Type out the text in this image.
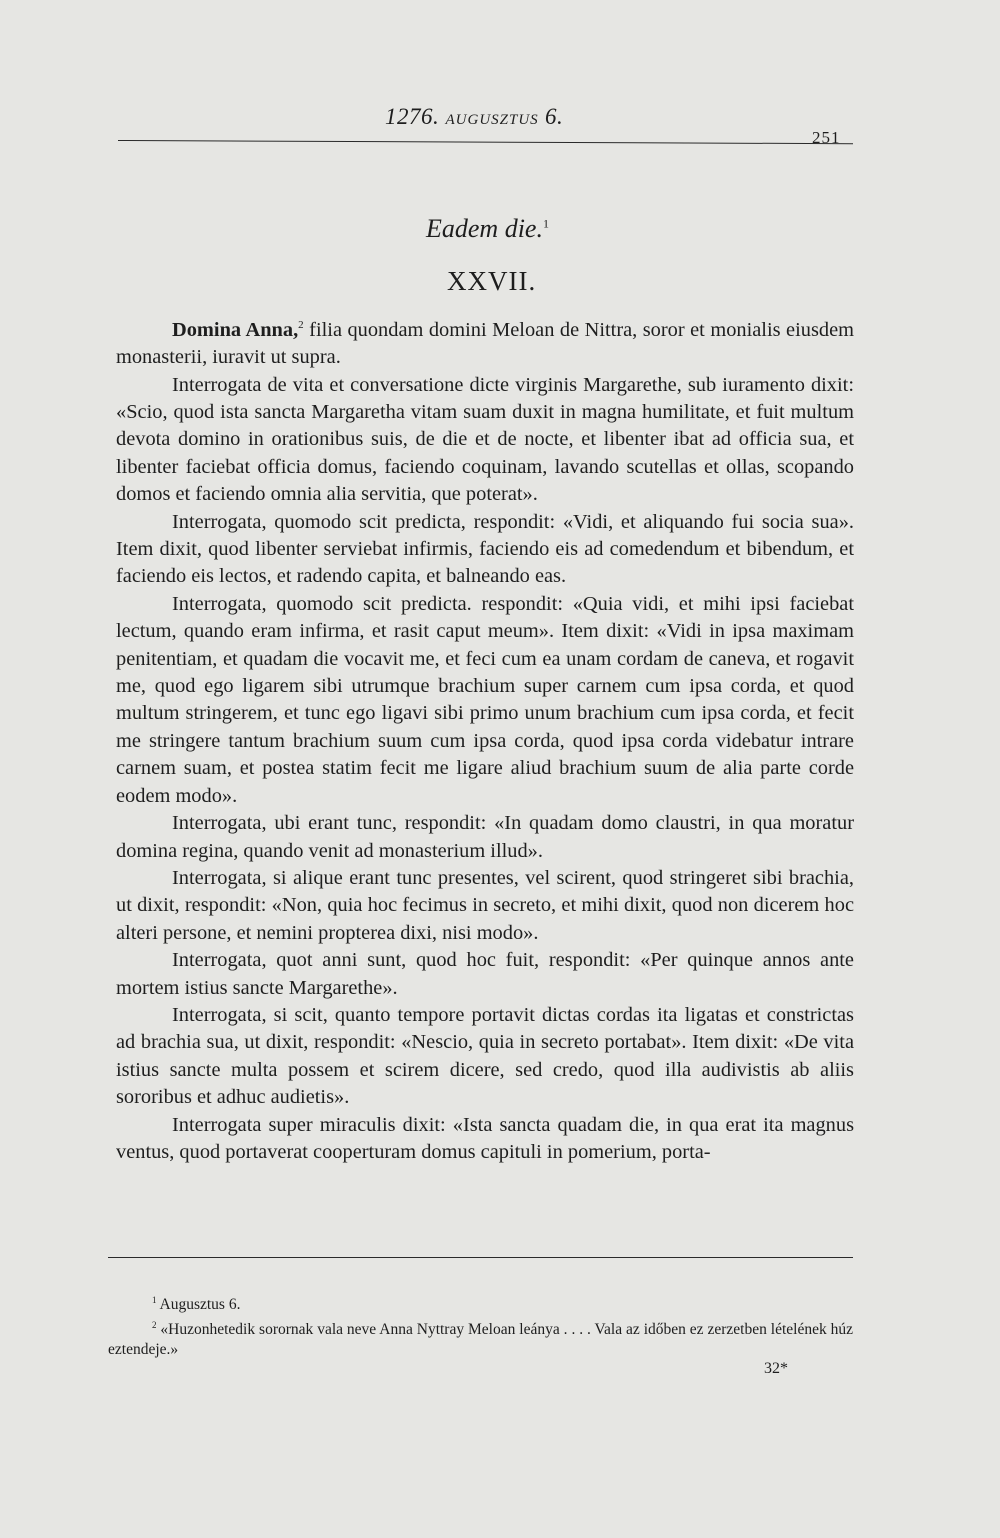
1276. AUGUSZTUS 6.
251
Eadem die.$^1$
XXVII.

Domina Anna,$^2$ filia quondam domini Meloan de Nittra, soror et monialis eiusdem monasterii, iuravit ut supra.

Interrogata de vita et conversatione dicte virginis Margarethe, sub iuramento dixit: «Scio, quod ista sancta Margaretha vitam suam duxit in magna humilitate, et fuit multum devota domino in orationibus suis, de die et de nocte, et libenter ibat ad officia sua, et libenter faciebat officia domus, faciendo coquinam, lavando scutellas et ollas, scopando domos et faciendo omnia alia servitia, que poterat».

Interrogata, quomodo scit predicta, respondit: «Vidi, et aliquando fui socia sua». Item dixit, quod libenter serviebat infirmis, faciendo eis ad comedendum et bibendum, et faciendo eis lectos, et radendo capita, et balneando eas.

Interrogata, quomodo scit predicta. respondit: «Quia vidi, et mihi ipsi faciebat lectum, quando eram infirma, et rasit caput meum». Item dixit: «Vidi in ipsa maximam penitentiam, et quadam die vocavit me, et feci cum ea unam cordam de caneva, et rogavit me, quod ego ligarem sibi utrumque brachium super carnem cum ipsa corda, et quod multum stringerem, et tunc ego ligavi sibi primo unum brachium cum ipsa corda, et fecit me stringere tantum brachium suum cum ipsa corda, quod ipsa corda videbatur intrare carnem suam, et postea statim fecit me ligare aliud brachium suum de alia parte corde eodem modo».

Interrogata, ubi erant tunc, respondit: «In quadam domo claustri, in qua moratur domina regina, quando venit ad monasterium illud».

Interrogata, si alique erant tunc presentes, vel scirent, quod stringeret sibi brachia, ut dixit, respondit: «Non, quia hoc fecimus in secreto, et mihi dixit, quod non dicerem hoc alteri persone, et nemini propterea dixi, nisi modo».

Interrogata, quot anni sunt, quod hoc fuit, respondit: «Per quinque annos ante mortem istius sancte Margarethe».

Interrogata, si scit, quanto tempore portavit dictas cordas ita ligatas et constrictas ad brachia sua, ut dixit, respondit: «Nescio, quia in secreto portabat». Item dixit: «De vita istius sancte multa possem et scirem dicere, sed credo, quod illa audivistis ab aliis sororibus et adhuc audietis».

Interrogata super miraculis dixit: «Ista sancta quadam die, in qua erat ita magnus ventus, quod portaverat cooperturam domus capituli in pomerium, porta-

$^1$ Augusztus 6.

$^2$ «Huzonhetedik sorornak vala neve Anna Nyttray Meloan leánya . . . . Vala az időben ez zerzetben lételének húz eztendeje.»

32*
